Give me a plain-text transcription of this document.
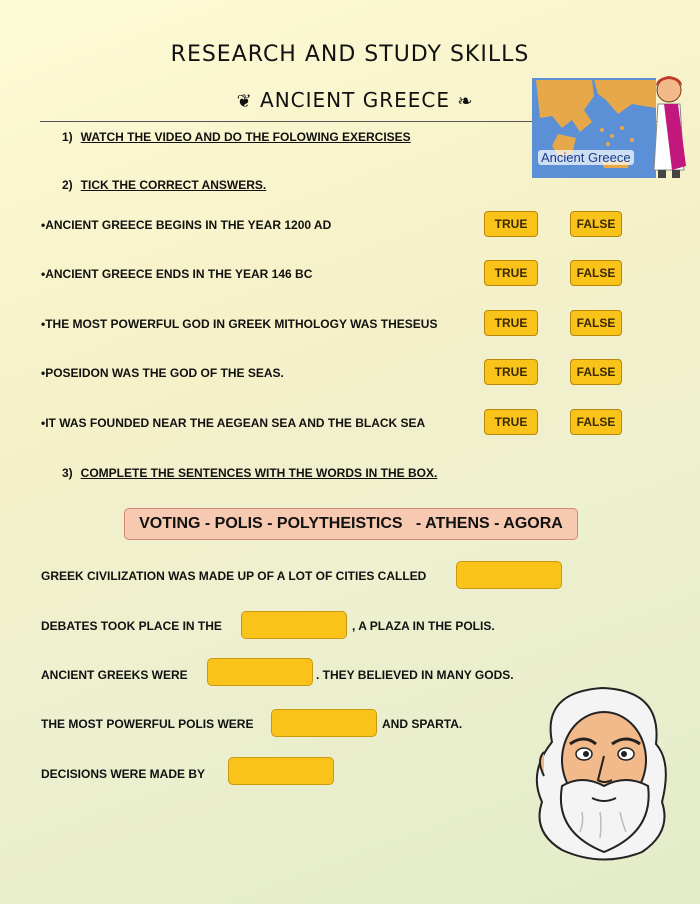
RESEARCH AND STUDY SKILLS
❦ ANCIENT GREECE ❧
Ancient Greece
1) WATCH THE VIDEO AND DO THE FOLOWING EXERCISES
2) TICK THE CORRECT ANSWERS.
•ANCIENT GREECE BEGINS IN THE YEAR 1200 AD	TRUE	FALSE
•ANCIENT GREECE ENDS IN THE YEAR 146 BC	TRUE	FALSE
•THE MOST POWERFUL GOD IN GREEK MITHOLOGY WAS THESEUS	TRUE	FALSE
•POSEIDON WAS THE GOD OF THE SEAS.	TRUE	FALSE
•IT WAS FOUNDED NEAR THE AEGEAN SEA AND THE BLACK SEA	TRUE	FALSE
3) COMPLETE THE SENTENCES WITH THE WORDS IN THE BOX.
VOTING - POLIS - POLYTHEISTICS   - ATHENS - AGORA
GREEK CIVILIZATION WAS MADE UP OF A LOT OF CITIES CALLED
DEBATES TOOK PLACE IN THE	, A PLAZA IN THE POLIS.
ANCIENT GREEKS WERE	. THEY BELIEVED IN MANY GODS.
THE MOST POWERFUL POLIS WERE	AND SPARTA.
DECISIONS WERE MADE BY
